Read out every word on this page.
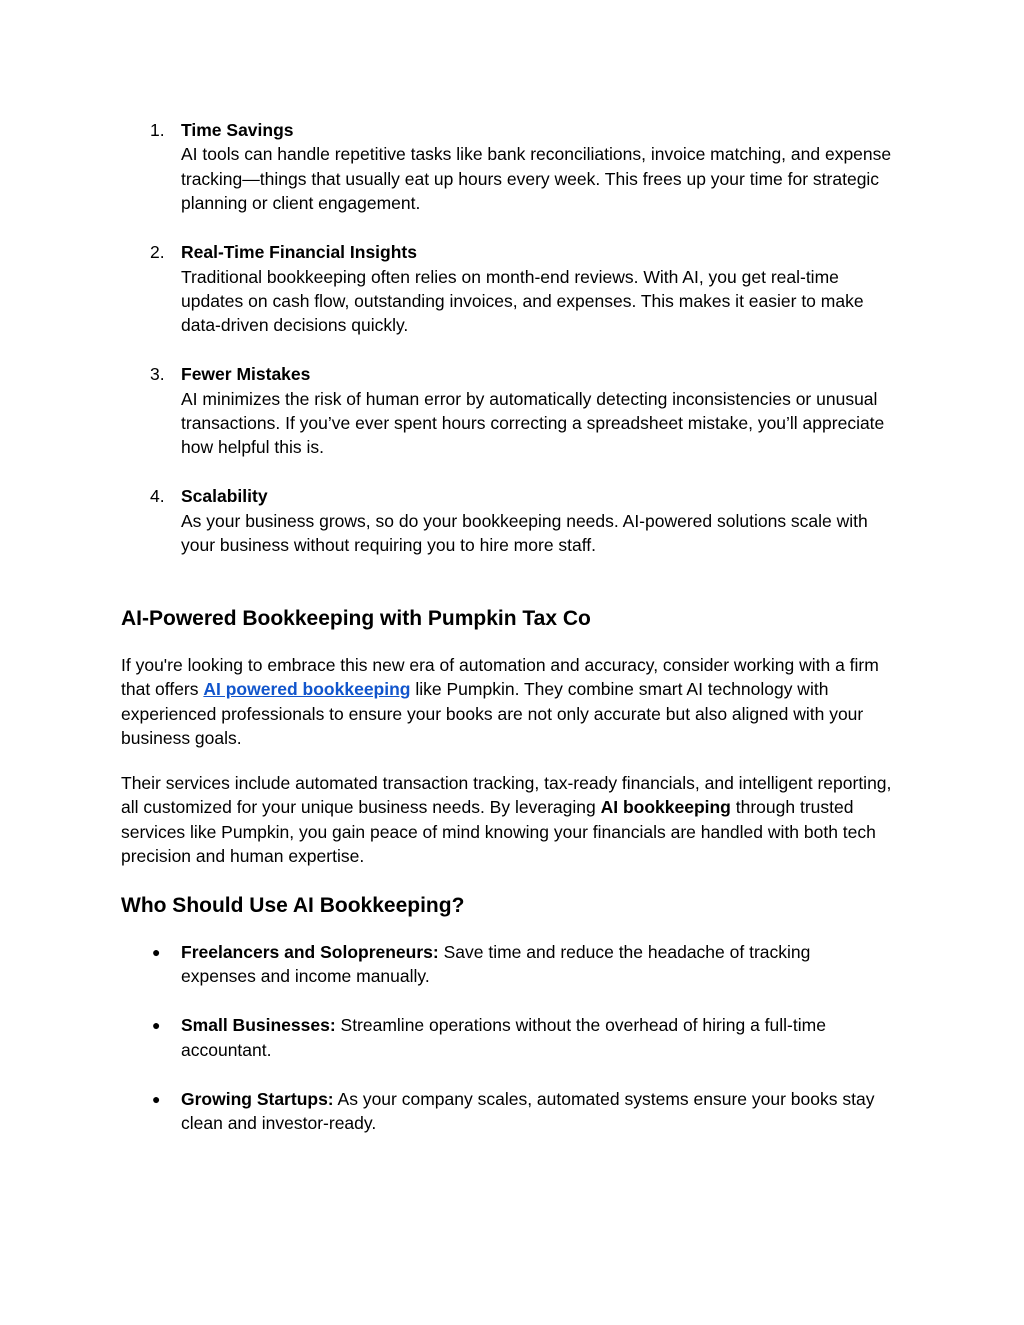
1. Time Savings
AI tools can handle repetitive tasks like bank reconciliations, invoice matching, and expense tracking—things that usually eat up hours every week. This frees up your time for strategic planning or client engagement.
2. Real-Time Financial Insights
Traditional bookkeeping often relies on month-end reviews. With AI, you get real-time updates on cash flow, outstanding invoices, and expenses. This makes it easier to make data-driven decisions quickly.
3. Fewer Mistakes
AI minimizes the risk of human error by automatically detecting inconsistencies or unusual transactions. If you’ve ever spent hours correcting a spreadsheet mistake, you’ll appreciate how helpful this is.
4. Scalability
As your business grows, so do your bookkeeping needs. AI-powered solutions scale with your business without requiring you to hire more staff.
AI-Powered Bookkeeping with Pumpkin Tax Co

If you're looking to embrace this new era of automation and accuracy, consider working with a firm that offers AI powered bookkeeping like Pumpkin. They combine smart AI technology with experienced professionals to ensure your books are not only accurate but also aligned with your business goals.

Their services include automated transaction tracking, tax-ready financials, and intelligent reporting, all customized for your unique business needs. By leveraging AI bookkeeping through trusted services like Pumpkin, you gain peace of mind knowing your financials are handled with both tech precision and human expertise.

Who Should Use AI Bookkeeping?
● Freelancers and Solopreneurs: Save time and reduce the headache of tracking expenses and income manually.
● Small Businesses: Streamline operations without the overhead of hiring a full-time accountant.
● Growing Startups: As your company scales, automated systems ensure your books stay clean and investor-ready.
